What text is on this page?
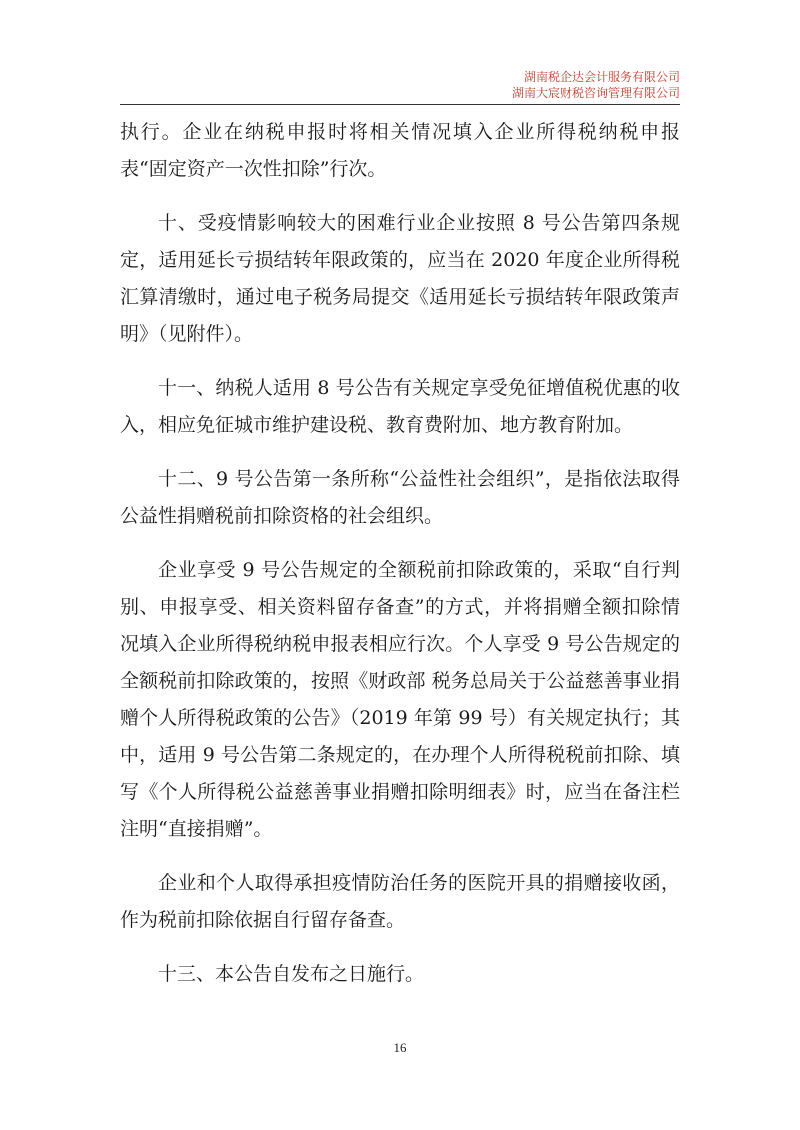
湖南税企达会计服务有限公司
湖南大宸财税咨询管理有限公司

执行。企业在纳税申报时将相关情况填入企业所得税纳税申报表“固定资产一次性扣除”行次。

十、受疫情影响较大的困难行业企业按照 8 号公告第四条规定，适用延长亏损结转年限政策的，应当在 2020 年度企业所得税汇算清缴时，通过电子税务局提交《适用延长亏损结转年限政策声明》（见附件）。

十一、纳税人适用 8 号公告有关规定享受免征增值税优惠的收入，相应免征城市维护建设税、教育费附加、地方教育附加。

十二、9 号公告第一条所称“公益性社会组织”，是指依法取得公益性捐赠税前扣除资格的社会组织。

企业享受 9 号公告规定的全额税前扣除政策的，采取“自行判别、申报享受、相关资料留存备查”的方式，并将捐赠全额扣除情况填入企业所得税纳税申报表相应行次。个人享受 9 号公告规定的全额税前扣除政策的，按照《财政部 税务总局关于公益慈善事业捐赠个人所得税政策的公告》（2019 年第 99 号）有关规定执行；其中，适用 9 号公告第二条规定的，在办理个人所得税税前扣除、填写《个人所得税公益慈善事业捐赠扣除明细表》时，应当在备注栏注明“直接捐赠”。

企业和个人取得承担疫情防治任务的医院开具的捐赠接收函，作为税前扣除依据自行留存备查。

十三、本公告自发布之日施行。

16
